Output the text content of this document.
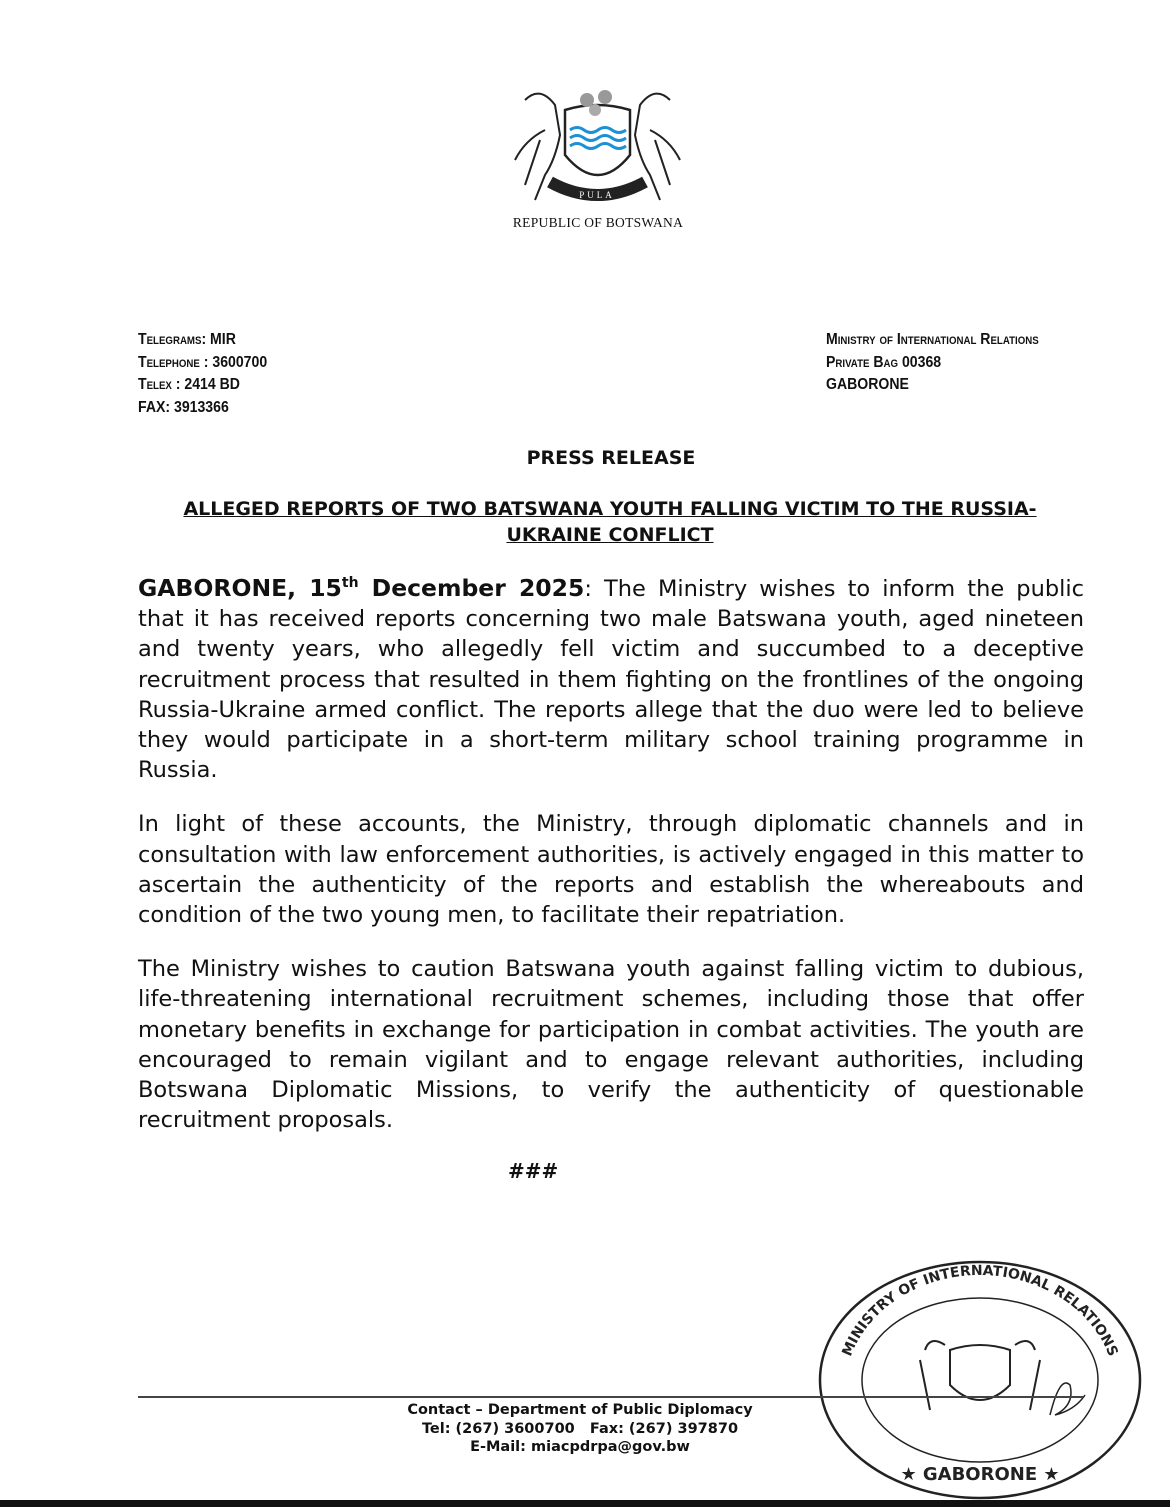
PULA
REPUBLIC OF BOTSWANA
Telegrams: MIR
Telephone : 3600700
Telex : 2414 BD
FAX: 3913366
Ministry of International Relations
Private Bag 00368
GABORONE
PRESS RELEASE
ALLEGED REPORTS OF TWO BATSWANA YOUTH FALLING VICTIM TO THE RUSSIA-UKRAINE CONFLICT
GABORONE, 15th December 2025: The Ministry wishes to inform the public that it has received reports concerning two male Batswana youth, aged nineteen and twenty years, who allegedly fell victim and succumbed to a deceptive recruitment process that resulted in them fighting on the frontlines of the ongoing Russia-Ukraine armed conflict. The reports allege that the duo were led to believe they would participate in a short-term military school training programme in Russia.
In light of these accounts, the Ministry, through diplomatic channels and in consultation with law enforcement authorities, is actively engaged in this matter to ascertain the authenticity of the reports and establish the whereabouts and condition of the two young men, to facilitate their repatriation.
The Ministry wishes to caution Batswana youth against falling victim to dubious, life-threatening international recruitment schemes, including those that offer monetary benefits in exchange for participation in combat activities. The youth are encouraged to remain vigilant and to engage relevant authorities, including Botswana Diplomatic Missions, to verify the authenticity of questionable recruitment proposals.
###
MINISTRY OF INTERNATIONAL RELATIONS
★ GABORONE ★
Contact – Department of Public Diplomacy
Tel: (267) 3600700   Fax: (267) 397870
E-Mail: miacpdrpa@gov.bw
